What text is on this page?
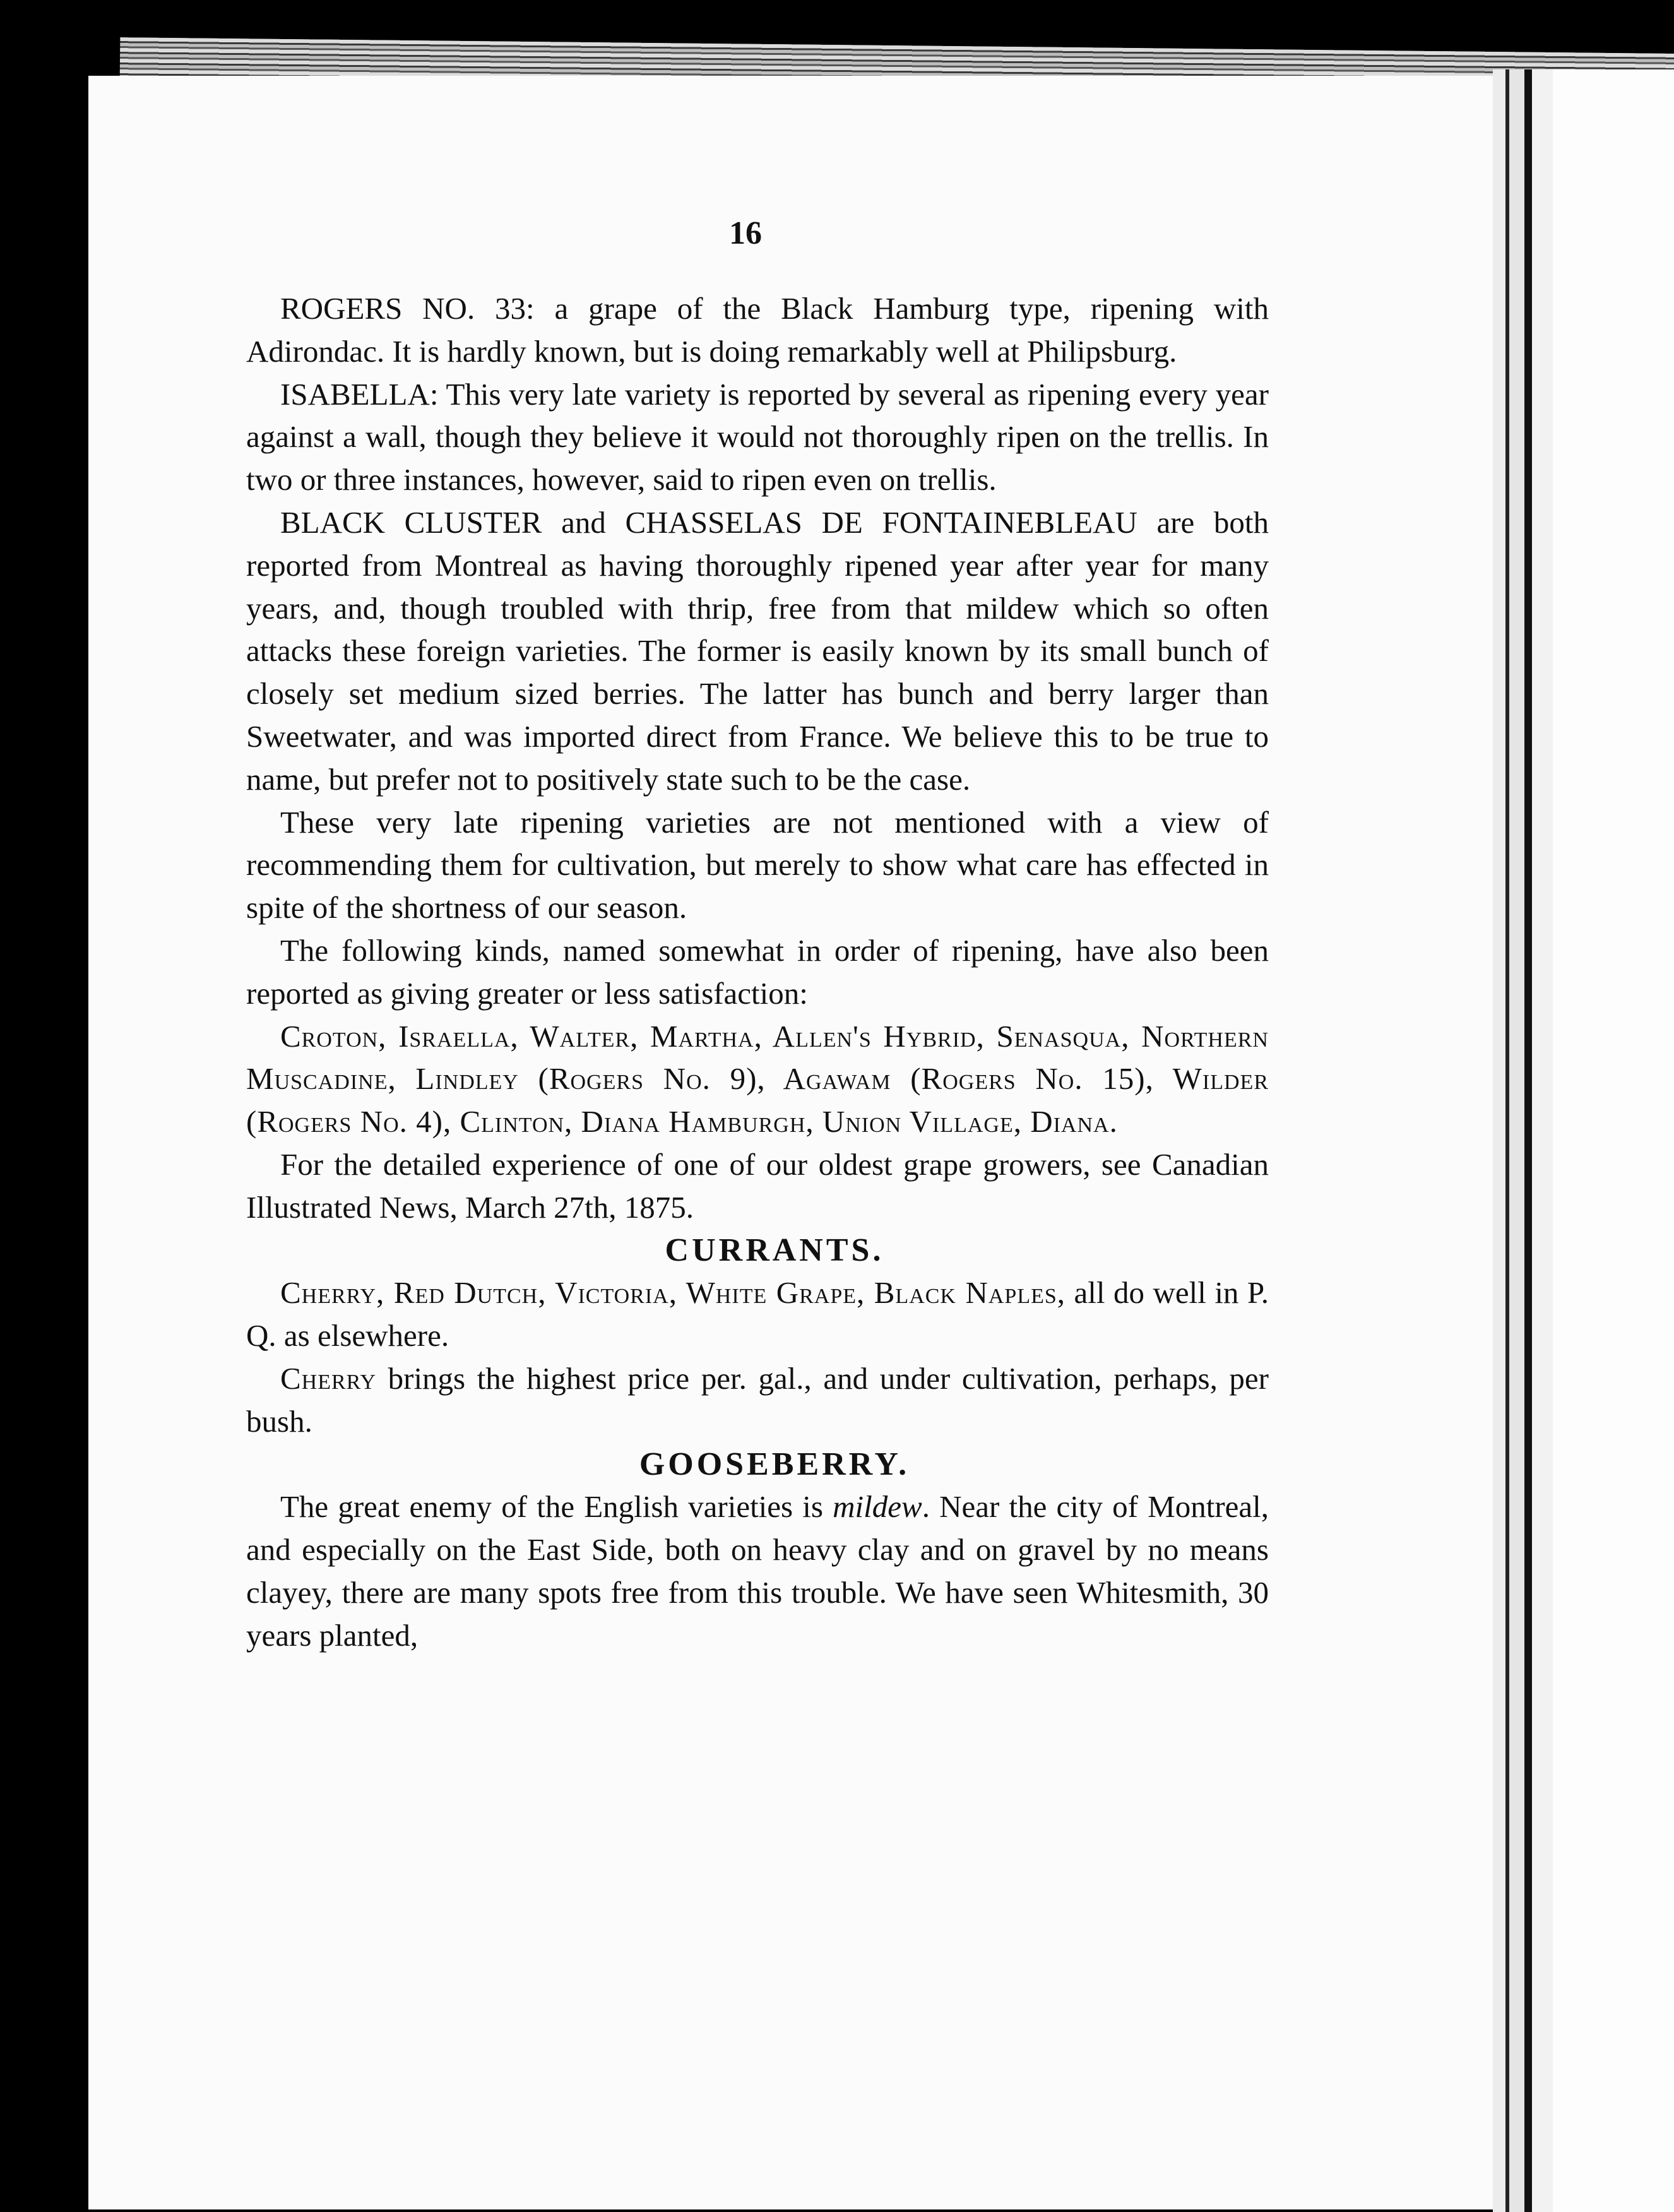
16

ROGERS NO. 33: a grape of the Black Hamburg type, ripening with Adirondac. It is hardly known, but is doing remarkably well at Philipsburg.

ISABELLA: This very late variety is reported by several as ripening every year against a wall, though they believe it would not thoroughly ripen on the trellis. In two or three instances, however, said to ripen even on trellis.

BLACK CLUSTER and CHASSELAS DE FONTAINEBLEAU are both reported from Montreal as having thoroughly ripened year after year for many years, and, though troubled with thrip, free from that mildew which so often attacks these foreign varieties. The former is easily known by its small bunch of closely set medium sized berries. The latter has bunch and berry larger than Sweetwater, and was imported direct from France. We believe this to be true to name, but prefer not to positively state such to be the case.

These very late ripening varieties are not mentioned with a view of recommending them for cultivation, but merely to show what care has effected in spite of the shortness of our season.

The following kinds, named somewhat in order of ripening, have also been reported as giving greater or less satisfaction:

Croton, Israella, Walter, Martha, Allen's Hybrid, Senasqua, Northern Muscadine, Lindley (Rogers No. 9), Agawam (Rogers No. 15), Wilder (Rogers No. 4), Clinton, Diana Hamburgh, Union Village, Diana.

For the detailed experience of one of our oldest grape growers, see Canadian Illustrated News, March 27th, 1875.

CURRANTS.

Cherry, Red Dutch, Victoria, White Grape, Black Naples, all do well in P. Q. as elsewhere.

Cherry brings the highest price per. gal., and under cultivation, perhaps, per bush.

GOOSEBERRY.

The great enemy of the English varieties is mildew. Near the city of Montreal, and especially on the East Side, both on heavy clay and on gravel by no means clayey, there are many spots free from this trouble. We have seen Whitesmith, 30 years planted,
